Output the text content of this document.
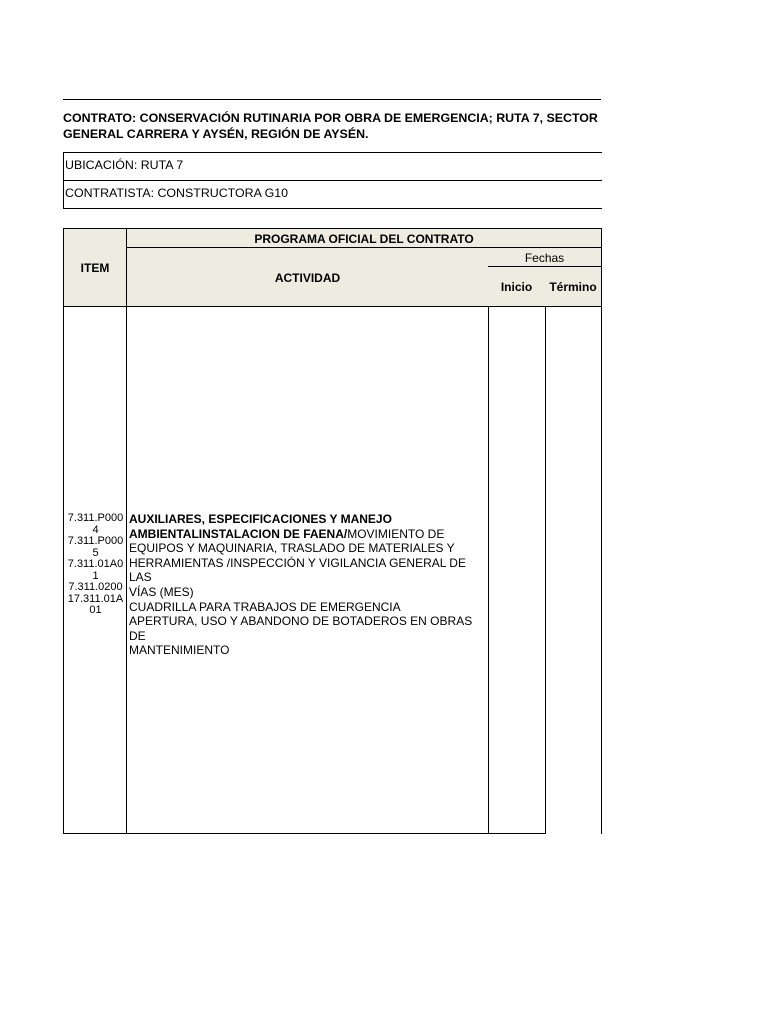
CONTRATO: CONSERVACIÓN RUTINARIA POR OBRA DE EMERGENCIA; RUTA 7, SECTOR
GENERAL CARRERA Y AYSÉN, REGIÓN DE AYSÉN.
UBICACIÓN: RUTA 7
CONTRATISTA: CONSTRUCTORA G10
ITEM
PROGRAMA OFICIAL DEL CONTRATO
ACTIVIDAD
Fechas
Inicio Término
7.311.P000
4
7.311.P000
5
7.311.01A0
1
7.311.0200
17.311.01A
01
AUXILIARES, ESPECIFICACIONES Y MANEJO
AMBIENTALINSTALACION DE FAENA/MOVIMIENTO DE
EQUIPOS Y MAQUINARIA, TRASLADO DE MATERIALES Y
HERRAMIENTAS /INSPECCIÓN Y VIGILANCIA GENERAL DE LAS
VÍAS (MES)
CUADRILLA PARA TRABAJOS DE EMERGENCIA
APERTURA, USO Y ABANDONO DE BOTADEROS EN OBRAS DE
MANTENIMIENTO
